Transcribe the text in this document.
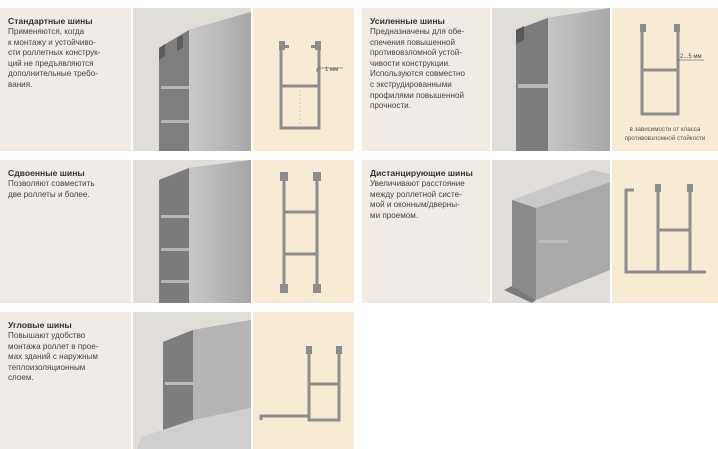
Стандартные шины

Применяются, когда
к монтажу и устойчиво-
сти роллетных конструк-
ций не предъявляются
дополнительные требо-
вания.

1 мм
Усиленные шины

Предназначены для обе-
спечения повышенной
противовзломной устой-
чивости конструкции.
Используются совместно
с экструдированными
профилями повышенной
прочности.

2...5 мм
в зависимости от класса
противовзломной стойкости
Сдвоенные шины

Позволяют совместить
две роллеты и более.

Дистанцирующие шины

Увеличивают расстояние
между роллетной систе-
мой и оконным/дверны-
ми проемом.

Угловые шины

Повышают удобство
монтажа роллет в прое-
мах зданий с наружным
теплоизоляционным
слоем.
